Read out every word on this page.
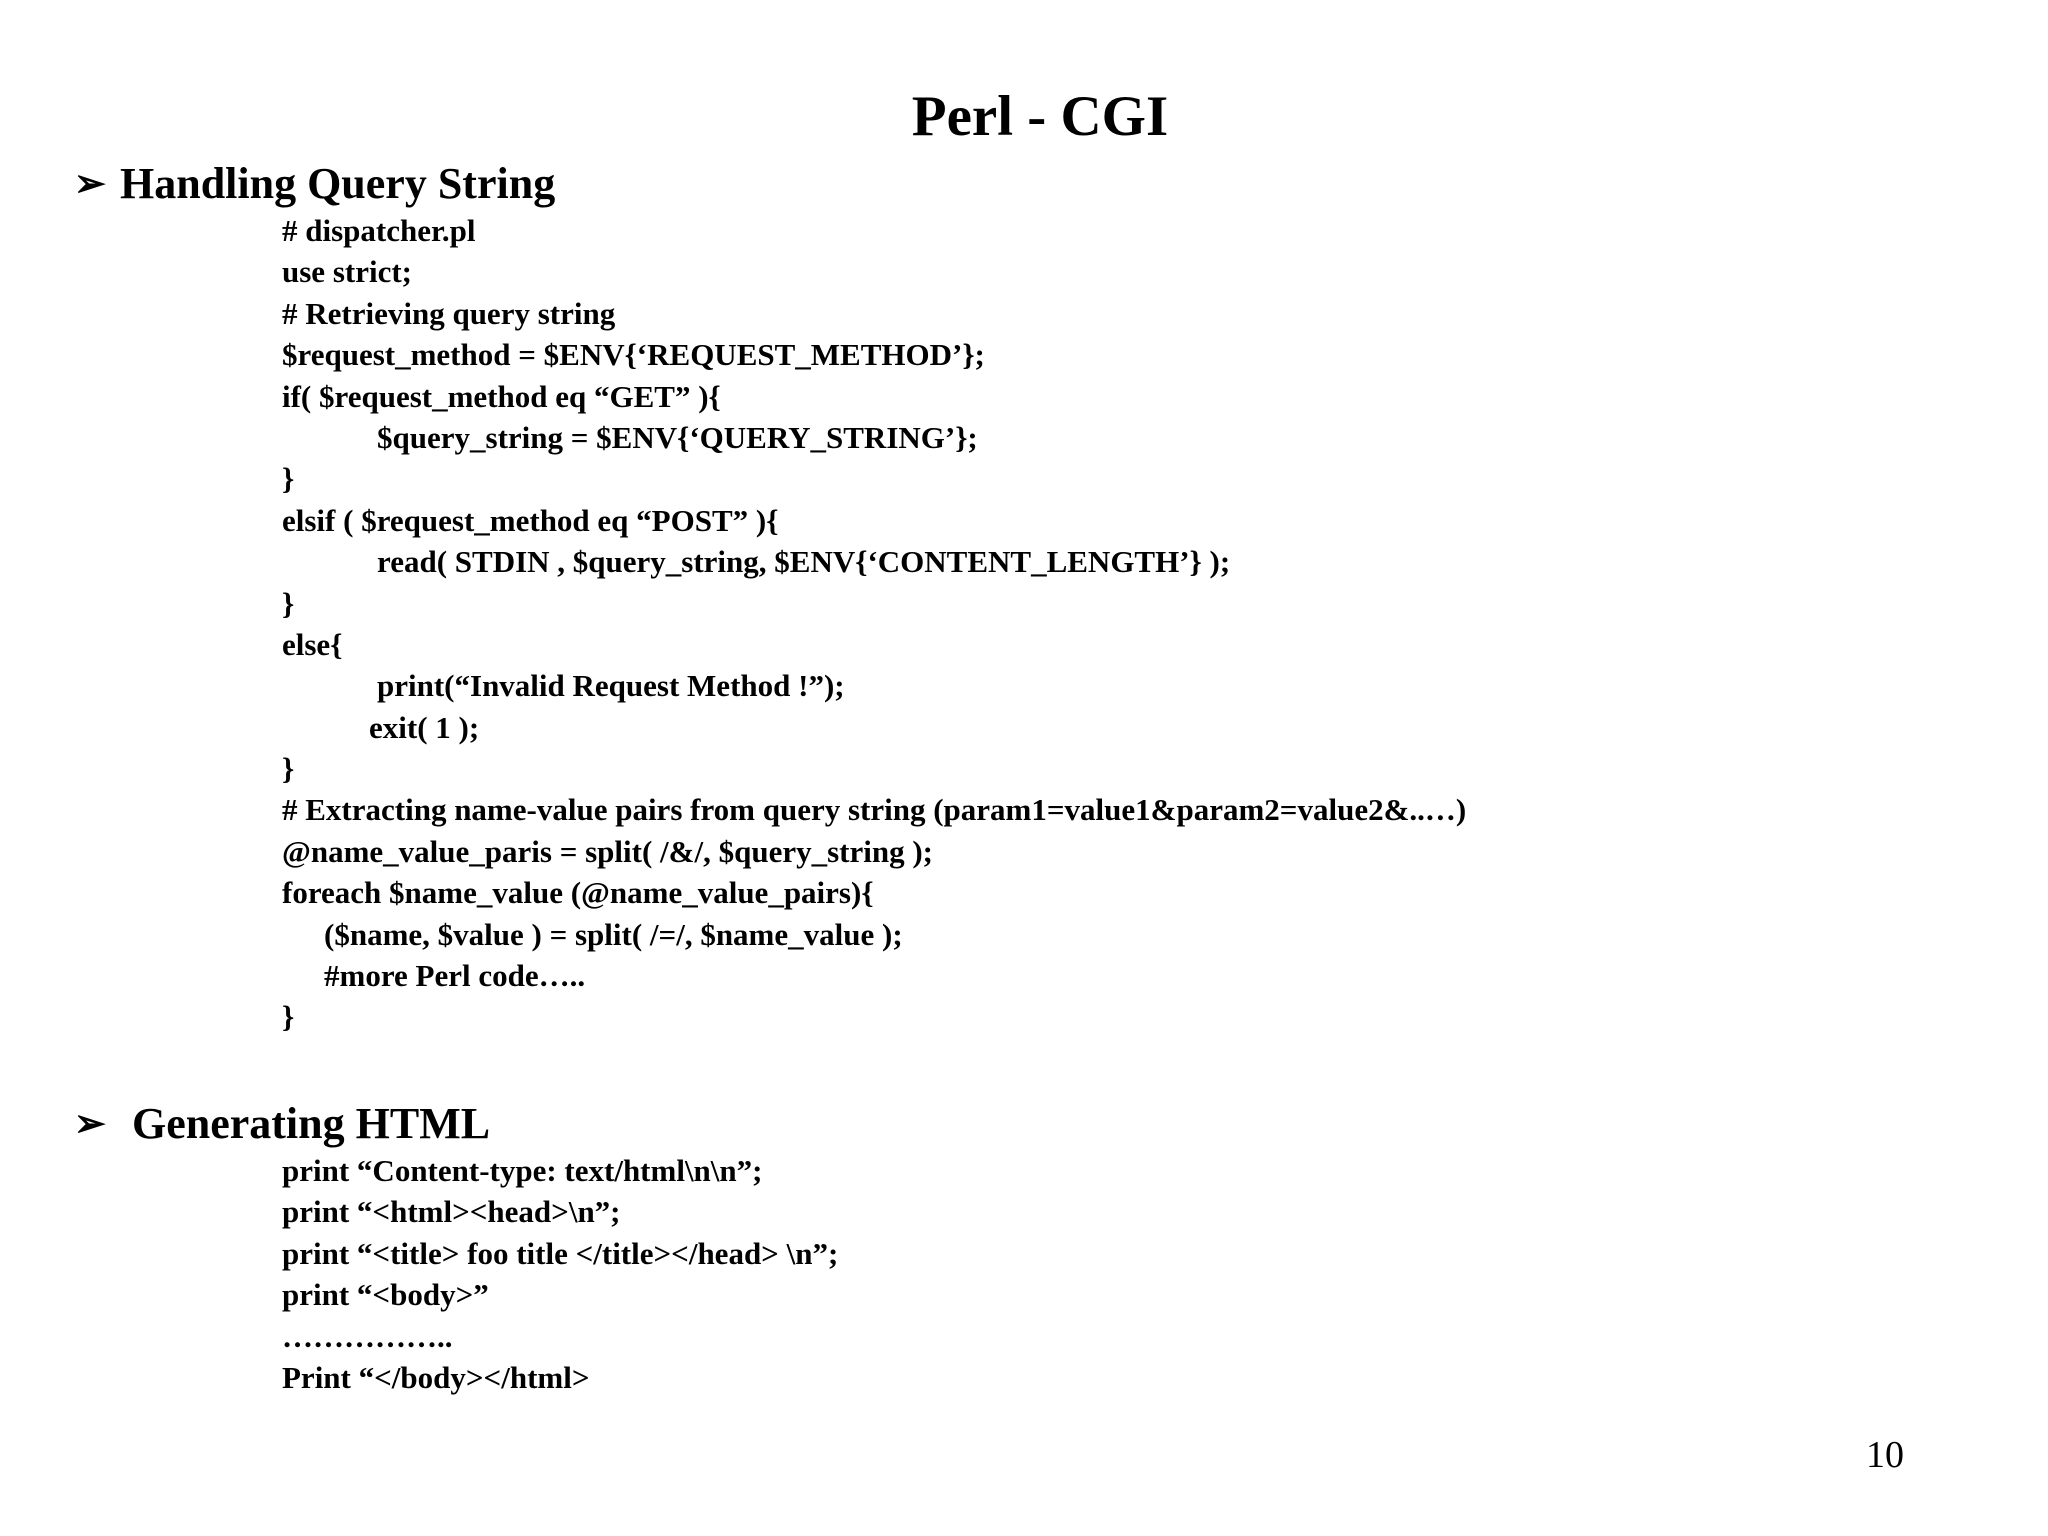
Perl - CGI
➢ Handling Query String
# dispatcher.pl
use strict;
# Retrieving query string
$request_method = $ENV{‘REQUEST_METHOD’};
if( $request_method eq “GET” ){
$query_string = $ENV{‘QUERY_STRING’};
}
elsif ( $request_method eq “POST” ){
read( STDIN , $query_string, $ENV{‘CONTENT_LENGTH’} );
}
else{
print(“Invalid Request Method !”);
exit( 1 );
}
# Extracting name-value pairs from query string (param1=value1&param2=value2&..…)
@name_value_paris = split( /&/, $query_string );
foreach $name_value (@name_value_pairs){
($name, $value ) = split( /=/, $name_value );
#more Perl code…..
}
➢ Generating HTML
print “Content-type: text/html\n\n”;
print “<html><head>\n”;
print “<title> foo title </title></head> \n”;
print “<body>”
……………..
Print “</body></html>
10
